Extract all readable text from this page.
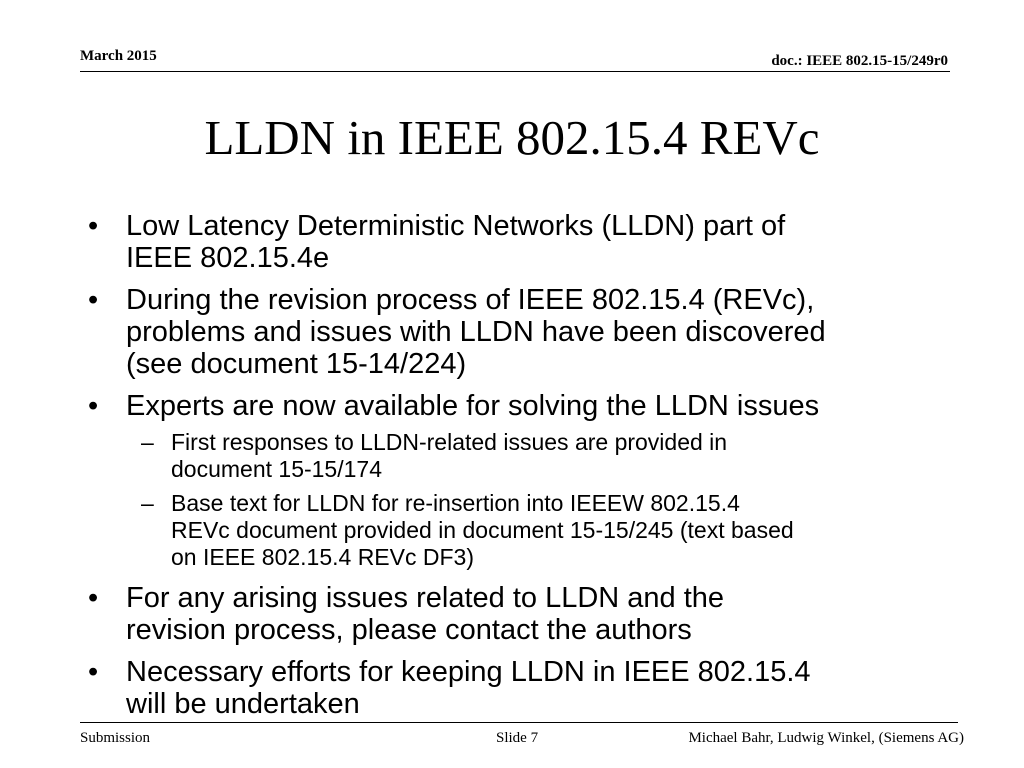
March 2015	doc.: IEEE 802.15-15/249r0
LLDN in IEEE 802.15.4 REVc
• Low Latency Deterministic Networks (LLDN) part of
IEEE 802.15.4e
• During the revision process of IEEE 802.15.4 (REVc),
problems and issues with LLDN have been discovered
(see document 15-14/224)
• Experts are now available for solving the LLDN issues
– First responses to LLDN-related issues are provided in
document 15-15/174
– Base text for LLDN for re-insertion into IEEEW 802.15.4
REVc document provided in document 15-15/245 (text based
on IEEE 802.15.4 REVc DF3)
• For any arising issues related to LLDN and the
revision process, please contact the authors
• Necessary efforts for keeping LLDN in IEEE 802.15.4
will be undertaken
Submission	Slide 7	Michael Bahr, Ludwig Winkel, (Siemens AG)
